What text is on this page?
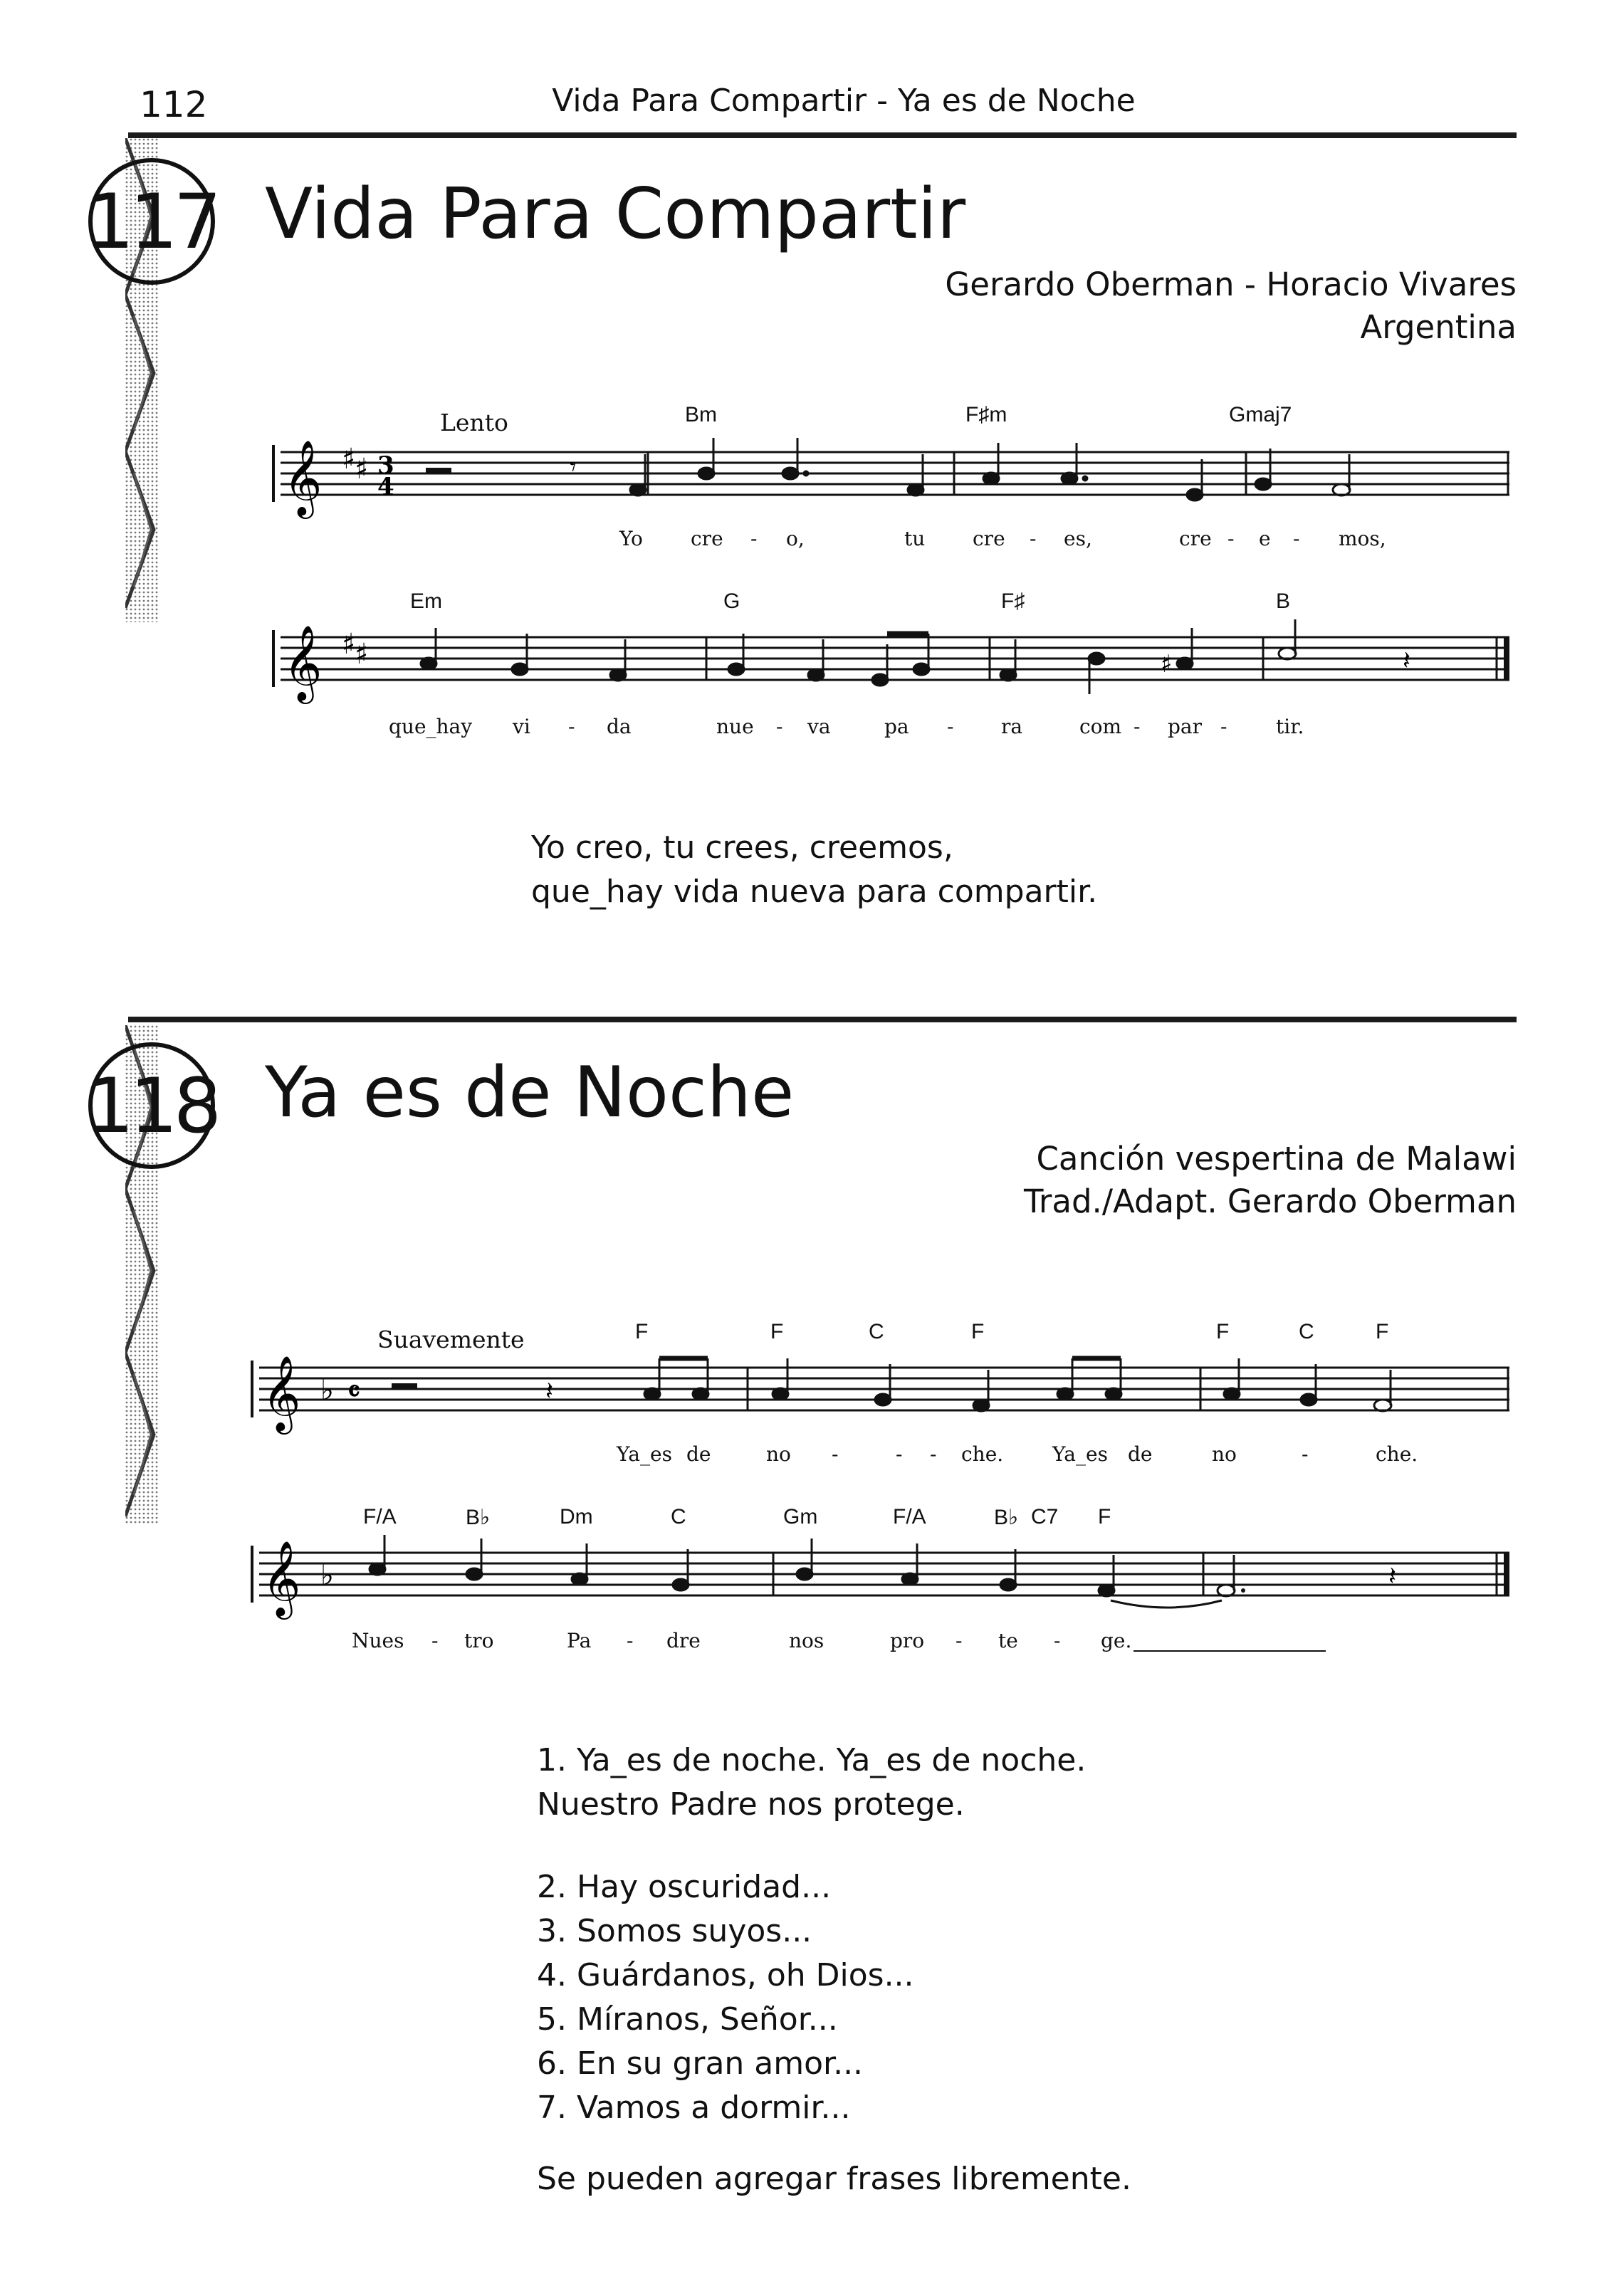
112	Vida Para Compartir - Ya es de Noche
117 Vida Para Compartir
Gerardo Oberman - Horacio Vivares
Argentina
Lento	Bm	F♯m	Gmaj7
𝄞 ♯
♯ 3
4
𝄾
Yo cre - o,	tu cre - es,	cre - e - mos,
Em	G	F♯	B
𝄞 ♯
♯	♯	𝄽
que_hay vi - da	nue - va	pa - ra	com - par - tir.
Yo creo, tu crees, creemos,
que_hay vida nueva para compartir.
118 Ya es de Noche
Canción vespertina de Malawi
Trad./Adapt. Gerardo Oberman
Suavemente	F	F	C	F	F	C	F
𝄞 ♭ 𝄴	𝄽
Ya_es de	no -	- - che. Ya_es de	no	-	che.
F/A	B♭	Dm	C	Gm	F/A	B♭ C7 F
𝄞 ♭	𝄽
Nues - tro	Pa - dre	nos	pro - te - ge.
1. Ya_es de noche. Ya_es de noche.
Nuestro Padre nos protege.
2. Hay oscuridad...
3. Somos suyos...
4. Guárdanos, oh Dios...
5. Míranos, Señor...
6. En su gran amor...
7. Vamos a dormir...
Se pueden agregar frases libremente.
